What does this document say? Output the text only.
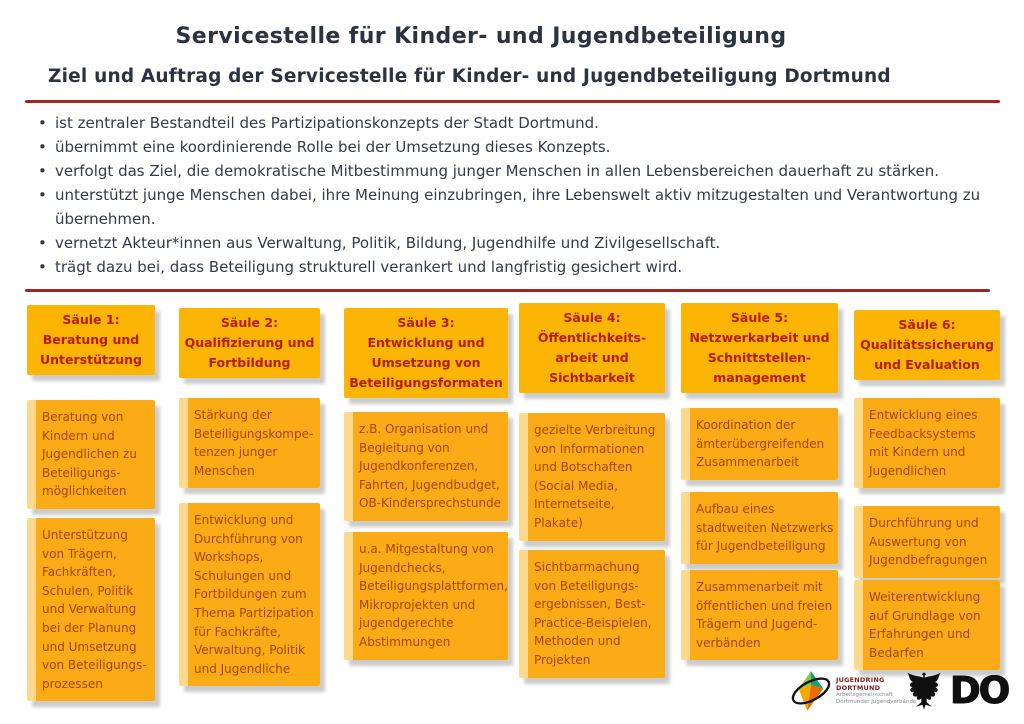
Servicestelle für Kinder- und Jugendbeteiligung
Ziel und Auftrag der Servicestelle für Kinder- und Jugendbeteiligung Dortmund
• ist zentraler Bestandteil des Partizipationskonzepts der Stadt Dortmund.
• übernimmt eine koordinierende Rolle bei der Umsetzung dieses Konzepts.
• verfolgt das Ziel, die demokratische Mitbestimmung junger Menschen in allen Lebensbereichen dauerhaft zu stärken.
• unterstützt junge Menschen dabei, ihre Meinung einzubringen, ihre Lebenswelt aktiv mitzugestalten und Verantwortung zu übernehmen.
• vernetzt Akteur*innen aus Verwaltung, Politik, Bildung, Jugendhilfe und Zivilgesellschaft.
• trägt dazu bei, dass Beteiligung strukturell verankert und langfristig gesichert wird.
Säule 1:
Beratung und Unterstützung
Beratung von Kindern und Jugendlichen zu Beteiligungs-möglichkeiten
Unterstützung von Trägern, Fachkräften, Schulen, Politik und Verwaltung bei der Planung und Umsetzung von Beteiligungs-prozessen
Säule 2:
Qualifizierung und Fortbildung
Stärkung der Beteiligungskompe-tenzen junger Menschen
Entwicklung und Durchführung von Workshops, Schulungen und Fortbildungen zum Thema Partizipation für Fachkräfte, Verwaltung, Politik und Jugendliche
Säule 3:
Entwicklung und Umsetzung von Beteiligungsformaten
z.B. Organisation und Begleitung von Jugendkonferenzen, Fahrten, Jugendbudget, OB-Kindersprechstunde
u.a. Mitgestaltung von Jugendchecks, Beteiligungsplattformen, Mikroprojekten und jugendgerechte Abstimmungen
Säule 4:
Öffentlichkeits-arbeit und Sichtbarkeit
gezielte Verbreitung von Informationen und Botschaften (Social Media, Internetseite, Plakate)
Sichtbarmachung von Beteiligungs-ergebnissen, Best-Practice-Beispielen, Methoden und Projekten
Säule 5:
Netzwerkarbeit und Schnittstellen-management
Koordination der ämterübergreifenden Zusammenarbeit
Aufbau eines stadtweiten Netzwerks für Jugendbeteiligung
Zusammenarbeit mit öffentlichen und freien Trägern und Jugend-verbänden
Säule 6:
Qualitätssicherung und Evaluation
Entwicklung eines Feedbacksystems mit Kindern und Jugendlichen
Durchführung und Auswertung von Jugendbefragungen
Weiterentwicklung auf Grundlage von Erfahrungen und Bedarfen
JUGENDRING DORTMUND
Arbeitsgemeinschaft
Dortmunder Jugendverbände DO
